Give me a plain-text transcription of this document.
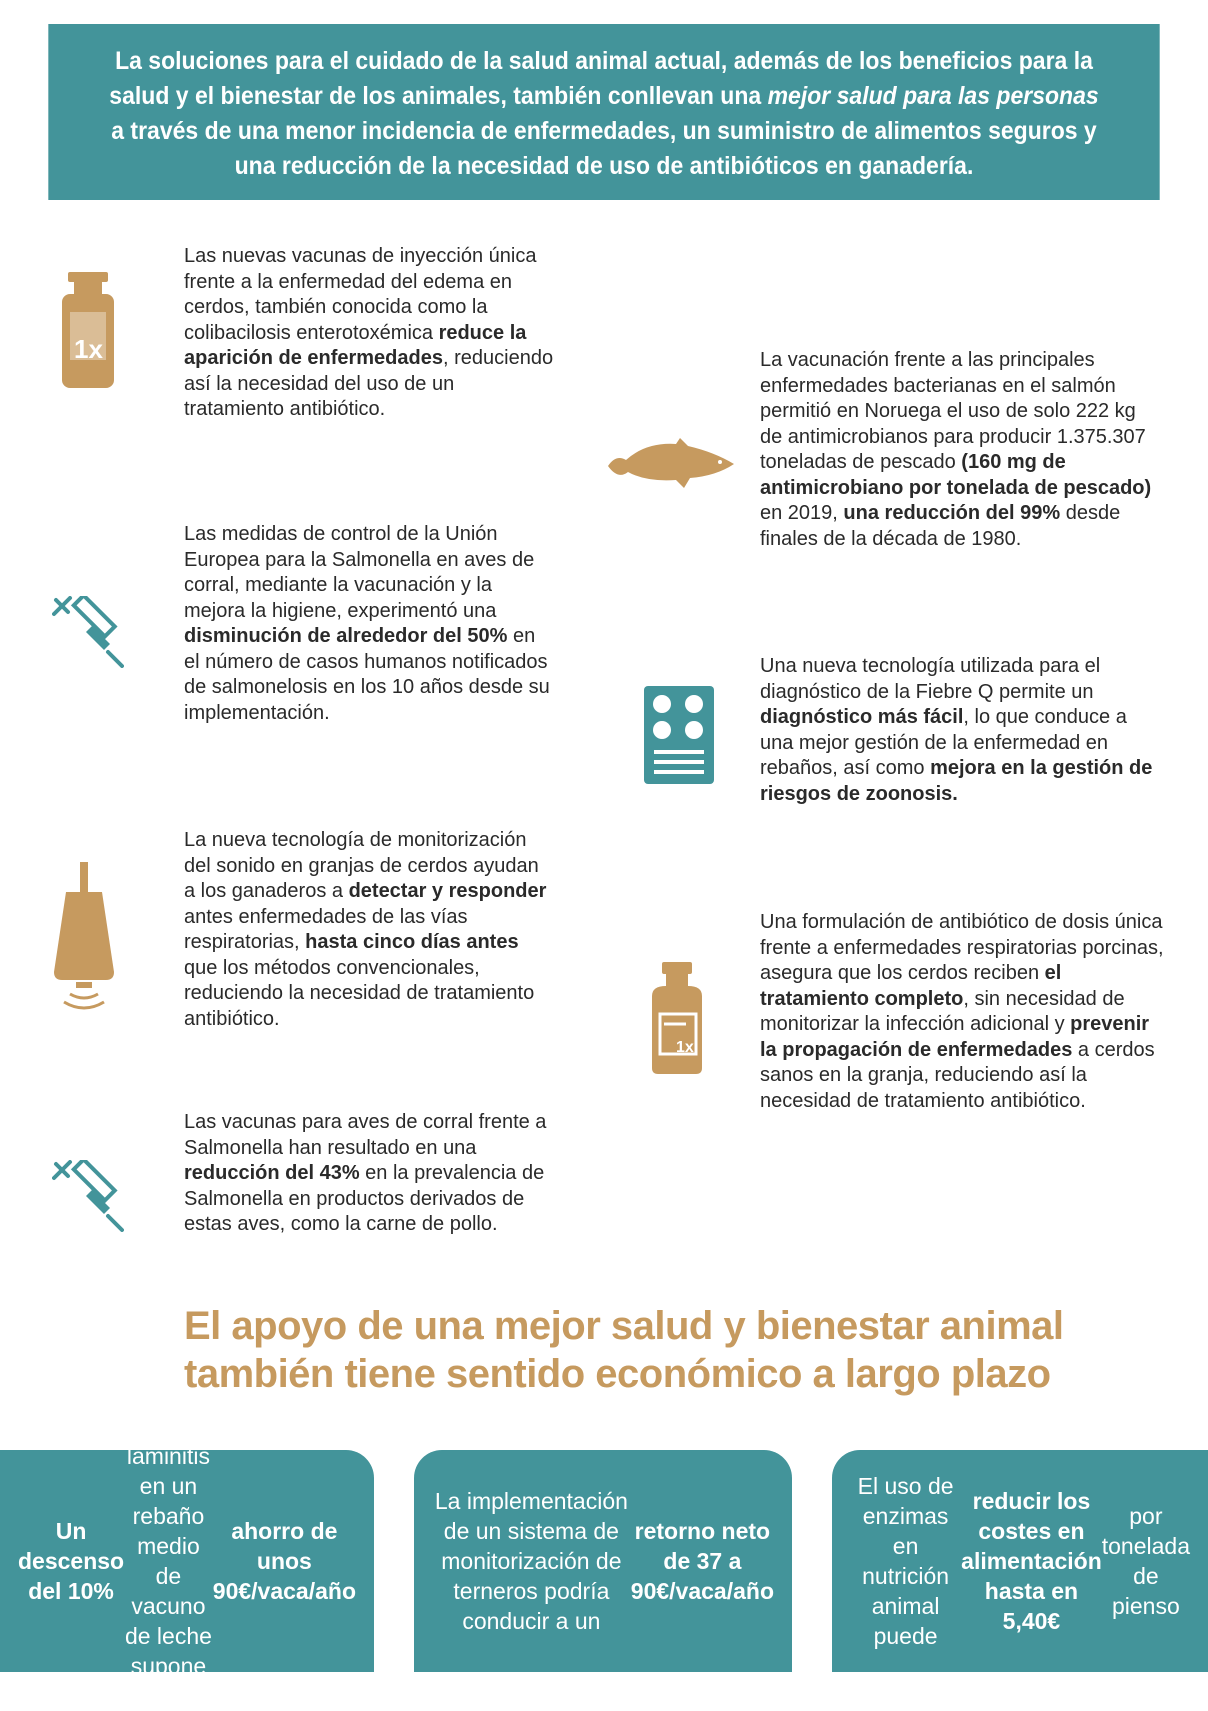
La soluciones para el cuidado de la salud animal actual, además de los beneficios para la salud y el bienestar de los animales, también conllevan una mejor salud para las personas a través de una menor incidencia de enfermedades, un suministro de alimentos seguros y una reducción de la necesidad de uso de antibióticos en ganadería.
1x
1x
Las nuevas vacunas de inyección única frente a la enfermedad del edema en cerdos, también conocida como la colibacilosis enterotoxémica reduce la aparición de enfermedades, reduciendo así la necesidad del uso de un tratamiento antibiótico.
Las medidas de control de la Unión Europea para la Salmonella en aves de corral, mediante la vacunación y la mejora la higiene, experimentó una disminución de alrededor del 50% en el número de casos humanos notificados de salmonelosis en los 10 años desde su implementación.
La nueva tecnología de monitorización del sonido en granjas de cerdos ayudan a los ganaderos a detectar y responder antes enfermedades de las vías respiratorias, hasta cinco días antes que los métodos convencionales, reduciendo la necesidad de tratamiento antibiótico.
Las vacunas para aves de corral frente a Salmonella han resultado en una reducción del 43% en la prevalencia de Salmonella en productos derivados de estas aves, como la carne de pollo.
La vacunación frente a las principales enfermedades bacterianas en el salmón permitió en Noruega el uso de solo 222 kg de antimicrobianos para producir 1.375.307 toneladas de pescado (160 mg de antimicrobiano por tonelada de pescado) en 2019, una reducción del 99% desde finales de la década de 1980.
Una nueva tecnología utilizada para el diagnóstico de la Fiebre Q permite un diagnóstico más fácil, lo que conduce a una mejor gestión de la enfermedad en rebaños, así como mejora en la gestión de riesgos de zoonosis.
Una formulación de antibiótico de dosis única frente a enfermedades respiratorias porcinas, asegura que los cerdos reciben el tratamiento completo, sin necesidad de monitorizar la infección adicional y prevenir la propagación de enfermedades a cerdos sanos en la granja, reduciendo así la necesidad de tratamiento antibiótico.
El apoyo de una mejor salud y bienestar animal
también tiene sentido económico a largo plazo
Un descenso del 10%
en laminitis en un rebaño medio de vacuno de leche supone un
ahorro de unos 90€/vaca/año
La implementación de un sistema de monitorización de terneros podría conducir a un
retorno neto de 37 a 90€/vaca/año
El uso de enzimas en nutrición animal puede
reducir los costes en alimentación hasta en 5,40€
por tonelada de pienso
